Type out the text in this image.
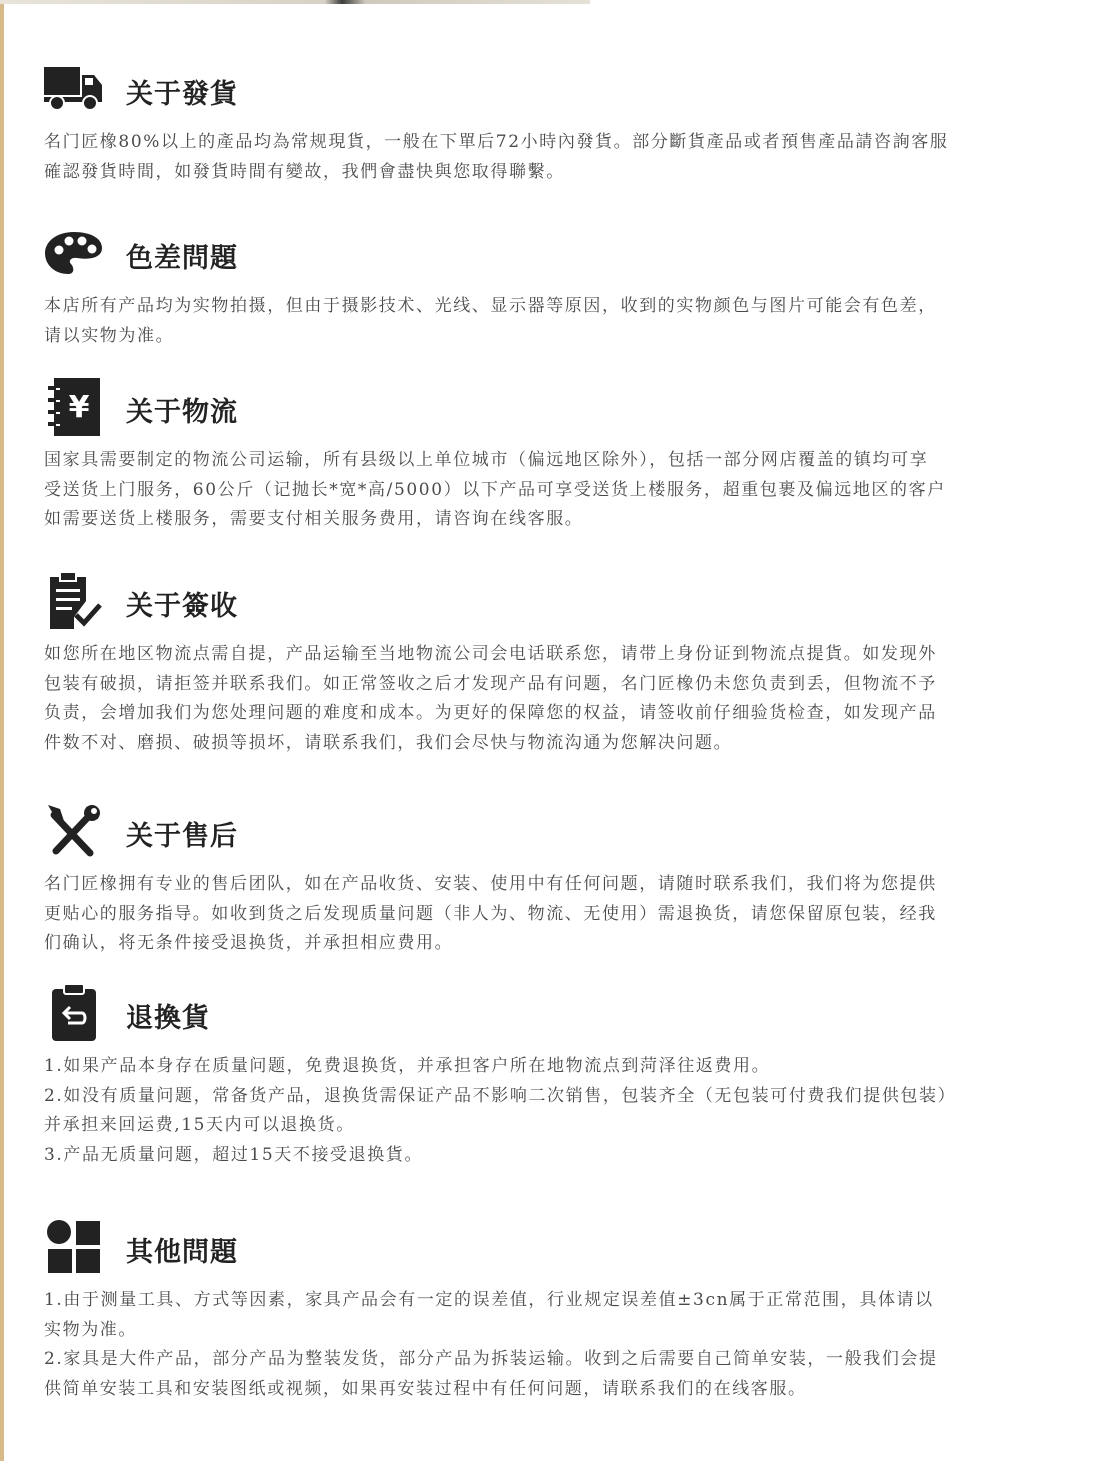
关于發貨

名门匠橡80%以上的產品均為常规現貨，一般在下單后72小時內發貨。部分斷貨產品或者預售產品請咨詢客服

確認發貨時間，如發貨時間有變故，我們會盡快與您取得聯繫。

色差問題

本店所有产品均为实物拍摄，但由于摄影技术、光线、显示器等原因，收到的实物颜色与图片可能会有色差，

请以实物为准。

¥ 关于物流

国家具需要制定的物流公司运输，所有县级以上单位城市（偏远地区除外），包括一部分网店覆盖的镇均可享

受送货上门服务，60公斤（记抛长*宽*高/5000）以下产品可享受送货上楼服务，超重包裹及偏远地区的客户

如需要送货上楼服务，需要支付相关服务费用，请咨询在线客服。

关于簽收

如您所在地区物流点需自提，产品运输至当地物流公司会电话联系您，请带上身份证到物流点提貨。如发现外

包装有破损，请拒签并联系我们。如正常签收之后才发现产品有问题，名门匠橡仍未您负责到丢，但物流不予

负责，会增加我们为您处理问题的难度和成本。为更好的保障您的权益，请签收前仔细验货检查，如发现产品

件数不对、磨损、破损等损坏，请联系我们，我们会尽快与物流沟通为您解决问题。

关于售后

名门匠橡拥有专业的售后团队，如在产品收货、安装、使用中有任何问题，请随时联系我们，我们将为您提供

更贴心的服务指导。如收到货之后发现质量问题（非人为、物流、无使用）需退换货，请您保留原包装，经我

们确认，将无条件接受退换货，并承担相应费用。

退換貨

1.如果产品本身存在质量问题，免费退换货，并承担客户所在地物流点到菏泽往返费用。

2.如没有质量问题，常备货产品，退换货需保证产品不影响二次销售，包装齐全（无包装可付费我们提供包装）

并承担来回运费,15天内可以退换货。

3.产品无质量问题，超过15天不接受退换貨。

其他問題

1.由于测量工具、方式等因素，家具产品会有一定的误差值，行业规定误差值±3cn属于正常范围，具体请以

实物为准。

2.家具是大件产品，部分产品为整装发货，部分产品为拆装运输。收到之后需要自己简单安装，一般我们会提

供简单安装工具和安装图纸或视频，如果再安装过程中有任何问题，请联系我们的在线客服。
